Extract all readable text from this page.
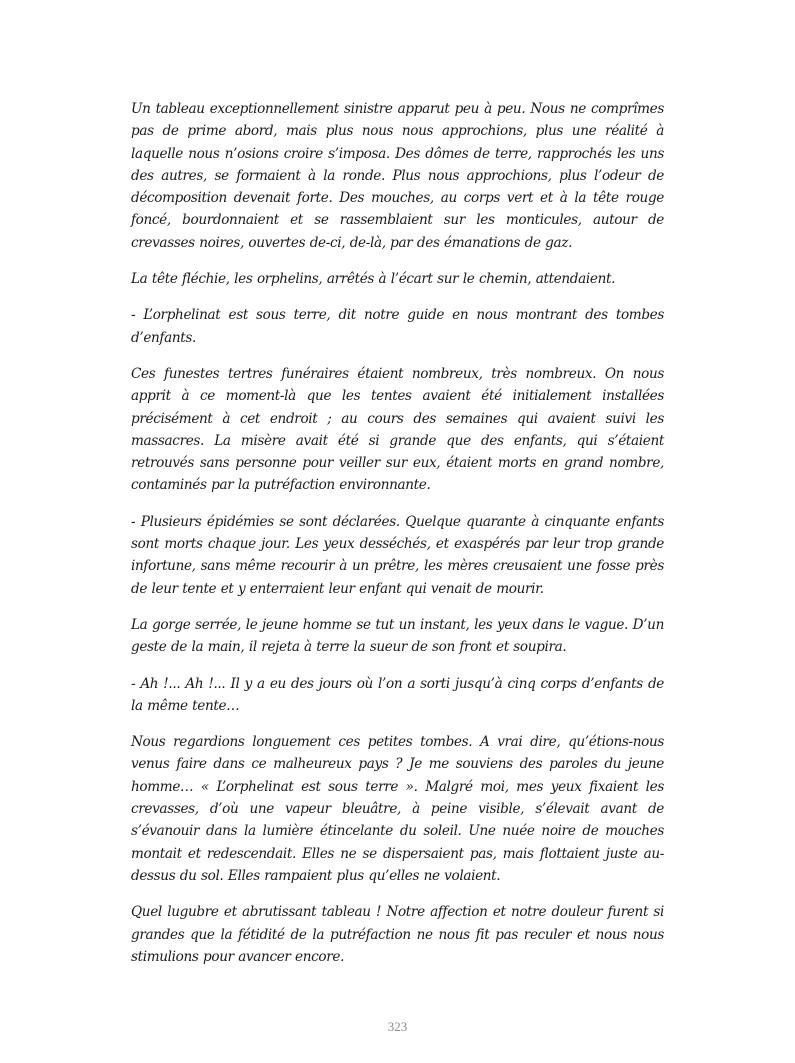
Un tableau exceptionnellement sinistre apparut peu à peu. Nous ne comprîmes pas de prime abord, mais plus nous nous approchions, plus une réalité à laquelle nous n’osions croire s’imposa. Des dômes de terre, rapprochés les uns des autres, se formaient à la ronde. Plus nous approchions, plus l’odeur de décomposition devenait forte. Des mouches, au corps vert et à la tête rouge foncé, bourdonnaient et se rassemblaient sur les monticules, autour de crevasses noires, ouvertes de-ci, de-là, par des émanations de gaz.

La tête fléchie, les orphelins, arrêtés à l’écart sur le chemin, attendaient.

- L’orphelinat est sous terre, dit notre guide en nous montrant des tombes d’enfants.

Ces funestes tertres funéraires étaient nombreux, très nombreux. On nous apprit à ce moment-là que les tentes avaient été initialement installées précisément à cet endroit ; au cours des semaines qui avaient suivi les massacres. La misère avait été si grande que des enfants, qui s’étaient retrouvés sans personne pour veiller sur eux, étaient morts en grand nombre, contaminés par la putréfaction environnante.

- Plusieurs épidémies se sont déclarées. Quelque quarante à cinquante enfants sont morts chaque jour. Les yeux desséchés, et exaspérés par leur trop grande infortune, sans même recourir à un prêtre, les mères creusaient une fosse près de leur tente et y enterraient leur enfant qui venait de mourir.

La gorge serrée, le jeune homme se tut un instant, les yeux dans le vague. D’un geste de la main, il rejeta à terre la sueur de son front et soupira.

- Ah !... Ah !... Il y a eu des jours où l’on a sorti jusqu’à cinq corps d’enfants de la même tente…

Nous regardions longuement ces petites tombes. A vrai dire, qu’étions-nous venus faire dans ce malheureux pays ? Je me souviens des paroles du jeune homme… « L’orphelinat est sous terre ». Malgré moi, mes yeux fixaient les crevasses, d’où une vapeur bleuâtre, à peine visible, s’élevait avant de s’évanouir dans la lumière étincelante du soleil. Une nuée noire de mouches montait et redescendait. Elles ne se dispersaient pas, mais flottaient juste au-dessus du sol. Elles rampaient plus qu’elles ne volaient.

Quel lugubre et abrutissant tableau ! Notre affection et notre douleur furent si grandes que la fétidité de la putréfaction ne nous fit pas reculer et nous nous stimulions pour avancer encore.

323
